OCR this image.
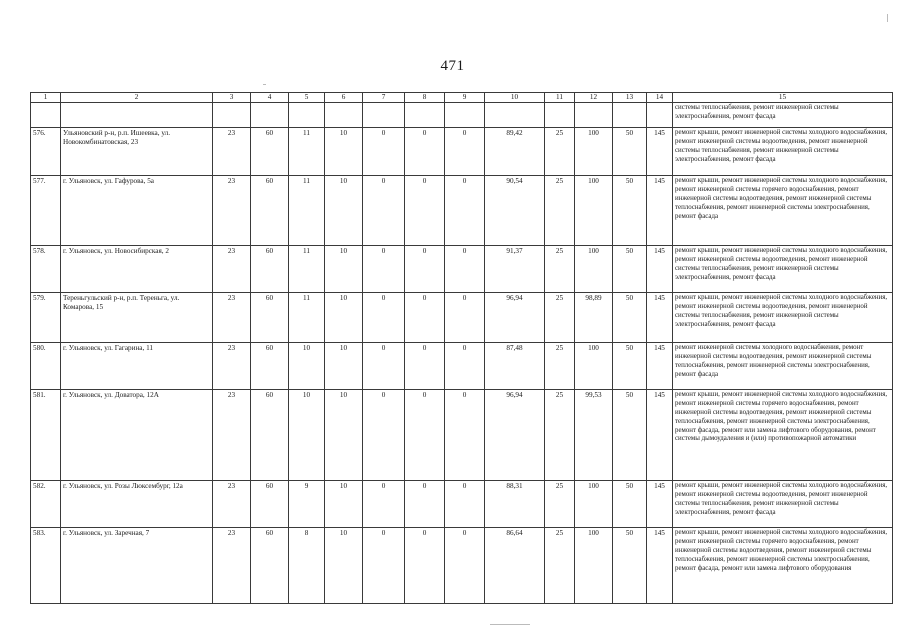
471
1	2	3	4	5	6	7	8	9	10	11	12	13	14	15
														системы теплоснабжения, ремонт инженерной системы электроснабжения, ремонт фасада
576.	Ульяновский р-н, р.п. Ишеевка, ул. Новокомбинатовская, 23	23	60	11	10	0	0	0	89,42	25	100	50	145	ремонт крыши, ремонт инженерной системы холодного водоснабжения, ремонт инженерной системы водоотведения, ремонт инженерной системы теплоснабжения, ремонт инженерной системы электроснабжения, ремонт фасада
577.	г. Ульяновск, ул. Гафурова, 5а	23	60	11	10	0	0	0	90,54	25	100	50	145	ремонт крыши, ремонт инженерной системы холодного водоснабжения, ремонт инженерной системы горячего водоснабжения, ремонт инженерной системы водоотведения, ремонт инженерной системы теплоснабжения, ремонт инженерной системы электроснабжения, ремонт фасада
578.	г. Ульяновск, ул. Новосибирская, 2	23	60	11	10	0	0	0	91,37	25	100	50	145	ремонт крыши, ремонт инженерной системы холодного водоснабжения, ремонт инженерной системы водоотведения, ремонт инженерной системы теплоснабжения, ремонт инженерной системы электроснабжения, ремонт фасада
579.	Тереньгульский р-н, р.п. Тереньга, ул. Комарова, 15	23	60	11	10	0	0	0	96,94	25	98,89	50	145	ремонт крыши, ремонт инженерной системы холодного водоснабжения, ремонт инженерной системы водоотведения, ремонт инженерной системы теплоснабжения, ремонт инженерной системы электроснабжения, ремонт фасада
580.	г. Ульяновск, ул. Гагарина, 11	23	60	10	10	0	0	0	87,48	25	100	50	145	ремонт инженерной системы холодного водоснабжения, ремонт инженерной системы водоотведения, ремонт инженерной системы теплоснабжения, ремонт инженерной системы электроснабжения, ремонт фасада
581.	г. Ульяновск, ул. Доватора, 12А	23	60	10	10	0	0	0	96,94	25	99,53	50	145	ремонт крыши, ремонт инженерной системы холодного водоснабжения, ремонт инженерной системы горячего водоснабжения, ремонт инженерной системы водоотведения, ремонт инженерной системы теплоснабжения, ремонт инженерной системы электроснабжения, ремонт фасада, ремонт или замена лифтового оборудования, ремонт системы дымоудаления и (или) противопожарной автоматики
582.	г. Ульяновск, ул. Розы Люксембург, 12а	23	60	9	10	0	0	0	88,31	25	100	50	145	ремонт крыши, ремонт инженерной системы холодного водоснабжения, ремонт инженерной системы водоотведения, ремонт инженерной системы теплоснабжения, ремонт инженерной системы электроснабжения, ремонт фасада
583.	г. Ульяновск, ул. Заречная, 7	23	60	8	10	0	0	0	86,64	25	100	50	145	ремонт крыши, ремонт инженерной системы холодного водоснабжения, ремонт инженерной системы горячего водоснабжения, ремонт инженерной системы водоотведения, ремонт инженерной системы теплоснабжения, ремонт инженерной системы электроснабжения, ремонт фасада, ремонт или замена лифтового оборудования
